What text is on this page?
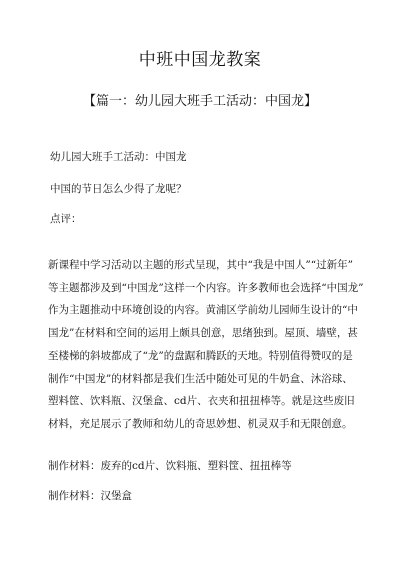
中班中国龙教案
【篇一：幼儿园大班手工活动：中国龙】
幼儿园大班手工活动：中国龙
中国的节日怎么少得了龙呢？
点评：
新课程中学习活动以主题的形式呈现，其中“我是中国人”“过新年”
等主题都涉及到“中国龙”这样一个内容。许多教师也会选择“中国龙”
作为主题推动中环境创设的内容。黄浦区学前幼儿园师生设计的“中
国龙”在材料和空间的运用上颇具创意，思绪独到。屋顶、墙壁，甚
至楼梯的斜坡都成了“龙”的盘踞和腾跃的天地。特别值得赞叹的是
制作“中国龙”的材料都是我们生活中随处可见的牛奶盒、沐浴球、
塑料筐、饮料瓶、汉堡盒、cd片、衣夹和扭扭棒等。就是这些废旧
材料，充足展示了教师和幼儿的奇思妙想、机灵双手和无限创意。
制作材料：废弃的cd片、饮料瓶、塑料筐、扭扭棒等
制作材料：汉堡盒
